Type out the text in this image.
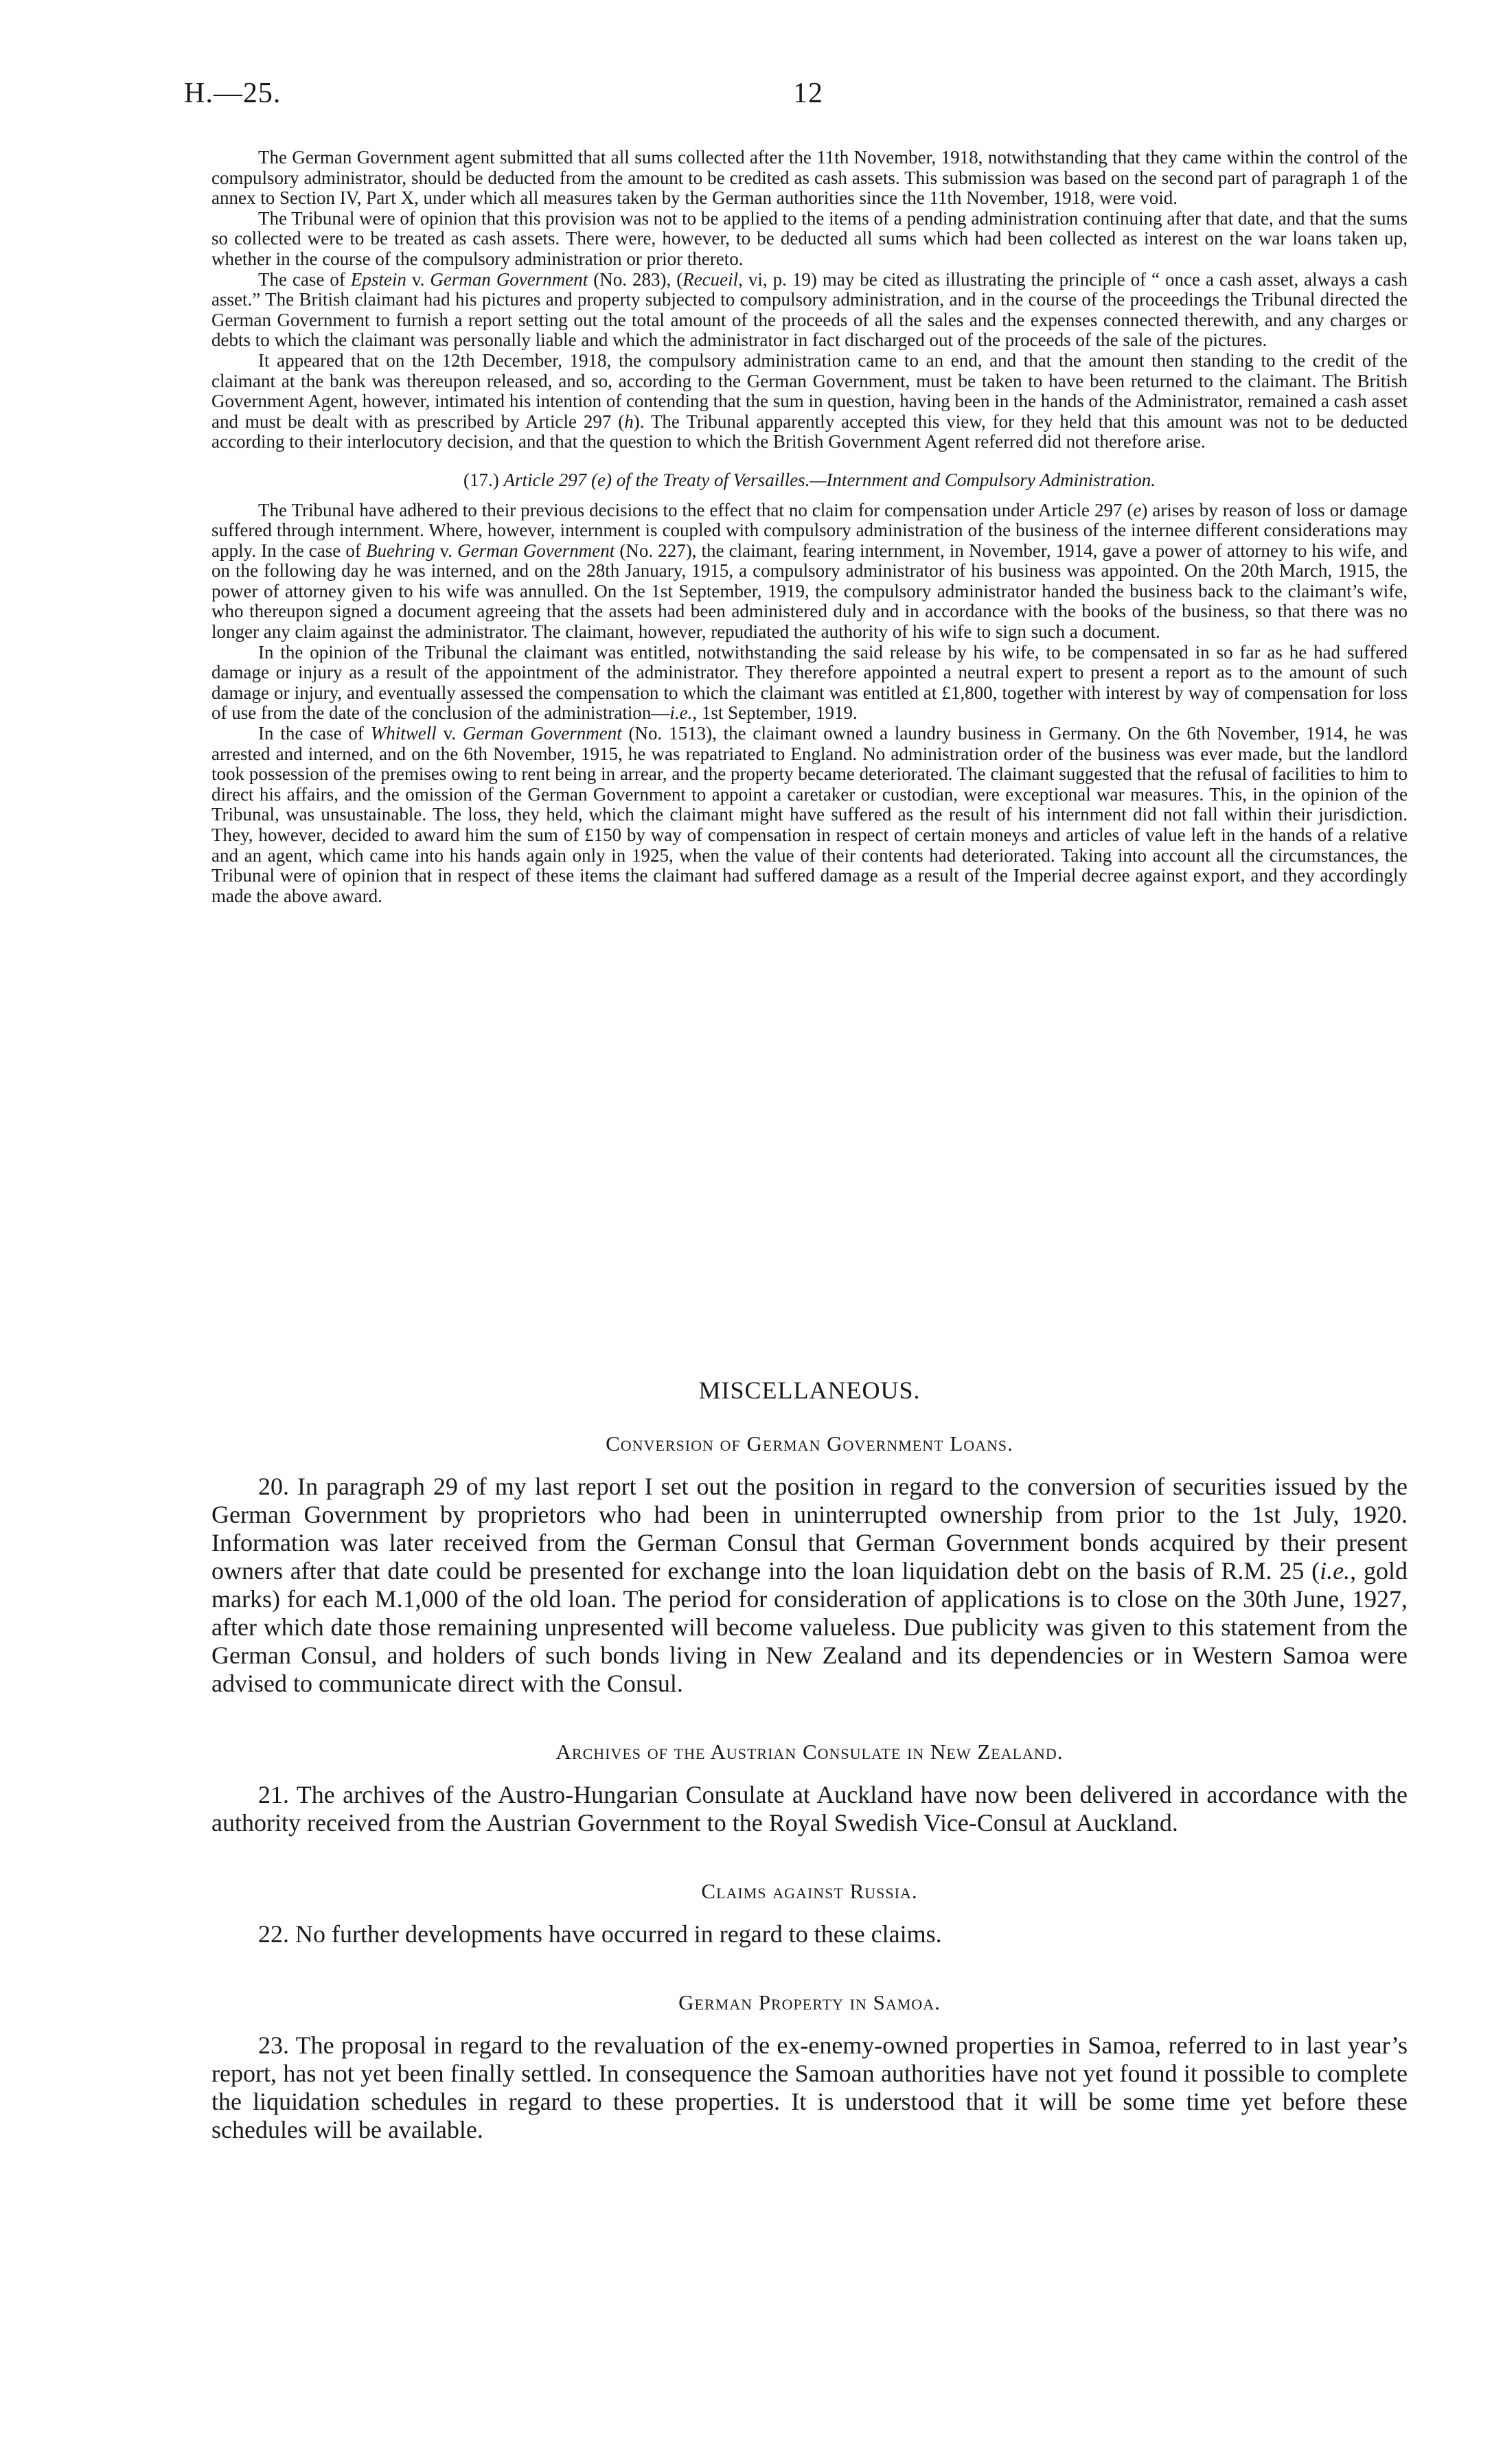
H.—25.	12

The German Government agent submitted that all sums collected after the 11th November, 1918, notwithstanding that they came within the control of the compulsory administrator, should be deducted from the amount to be credited as cash assets. This submission was based on the second part of paragraph 1 of the annex to Section IV, Part X, under which all measures taken by the German authorities since the 11th November, 1918, were void.

The Tribunal were of opinion that this provision was not to be applied to the items of a pending administration continuing after that date, and that the sums so collected were to be treated as cash assets. There were, however, to be deducted all sums which had been collected as interest on the war loans taken up, whether in the course of the compulsory administration or prior thereto.

The case of Epstein v. German Government (No. 283), (Recueil, vi, p. 19) may be cited as illustrating the principle of “ once a cash asset, always a cash asset.” The British claimant had his pictures and property subjected to compulsory administration, and in the course of the proceedings the Tribunal directed the German Government to furnish a report setting out the total amount of the proceeds of all the sales and the expenses connected therewith, and any charges or debts to which the claimant was personally liable and which the administrator in fact discharged out of the proceeds of the sale of the pictures.

It appeared that on the 12th December, 1918, the compulsory administration came to an end, and that the amount then standing to the credit of the claimant at the bank was thereupon released, and so, according to the German Government, must be taken to have been returned to the claimant. The British Government Agent, however, intimated his intention of contending that the sum in question, having been in the hands of the Administrator, remained a cash asset and must be dealt with as prescribed by Article 297 (h). The Tribunal apparently accepted this view, for they held that this amount was not to be deducted according to their interlocutory decision, and that the question to which the British Government Agent referred did not therefore arise.

(17.) Article 297 (e) of the Treaty of Versailles.—Internment and Compulsory Administration.

The Tribunal have adhered to their previous decisions to the effect that no claim for compensation under Article 297 (e) arises by reason of loss or damage suffered through internment. Where, however, internment is coupled with compulsory administration of the business of the internee different considerations may apply. In the case of Buehring v. German Government (No. 227), the claimant, fearing internment, in November, 1914, gave a power of attorney to his wife, and on the following day he was interned, and on the 28th January, 1915, a compulsory administrator of his business was appointed. On the 20th March, 1915, the power of attorney given to his wife was annulled. On the 1st September, 1919, the compulsory administrator handed the business back to the claimant’s wife, who thereupon signed a document agreeing that the assets had been administered duly and in accordance with the books of the business, so that there was no longer any claim against the administrator. The claimant, however, repudiated the authority of his wife to sign such a document.

In the opinion of the Tribunal the claimant was entitled, notwithstanding the said release by his wife, to be compensated in so far as he had suffered damage or injury as a result of the appointment of the administrator. They therefore appointed a neutral expert to present a report as to the amount of such damage or injury, and eventually assessed the compensation to which the claimant was entitled at £1,800, together with interest by way of compensation for loss of use from the date of the conclusion of the administration—i.e., 1st September, 1919.

In the case of Whitwell v. German Government (No. 1513), the claimant owned a laundry business in Germany. On the 6th November, 1914, he was arrested and interned, and on the 6th November, 1915, he was repatriated to England. No administration order of the business was ever made, but the landlord took possession of the premises owing to rent being in arrear, and the property became deteriorated. The claimant suggested that the refusal of facilities to him to direct his affairs, and the omission of the German Government to appoint a caretaker or custodian, were exceptional war measures. This, in the opinion of the Tribunal, was unsustainable. The loss, they held, which the claimant might have suffered as the result of his internment did not fall within their jurisdiction. They, however, decided to award him the sum of £150 by way of compensation in respect of certain moneys and articles of value left in the hands of a relative and an agent, which came into his hands again only in 1925, when the value of their contents had deteriorated. Taking into account all the circumstances, the Tribunal were of opinion that in respect of these items the claimant had suffered damage as a result of the Imperial decree against export, and they accordingly made the above award.

MISCELLANEOUS.
Conversion of German Government Loans.

20. In paragraph 29 of my last report I set out the position in regard to the conversion of securities issued by the German Government by proprietors who had been in uninterrupted ownership from prior to the 1st July, 1920. Information was later received from the German Consul that German Government bonds acquired by their present owners after that date could be presented for exchange into the loan liquidation debt on the basis of R.M. 25 (i.e., gold marks) for each M.1,000 of the old loan. The period for consideration of applications is to close on the 30th June, 1927, after which date those remaining unpresented will become valueless. Due publicity was given to this statement from the German Consul, and holders of such bonds living in New Zealand and its dependencies or in Western Samoa were advised to communicate direct with the Consul.

Archives of the Austrian Consulate in New Zealand.

21. The archives of the Austro-Hungarian Consulate at Auckland have now been delivered in accordance with the authority received from the Austrian Government to the Royal Swedish Vice-Consul at Auckland.

Claims against Russia.

22. No further developments have occurred in regard to these claims.

German Property in Samoa.

23. The proposal in regard to the revaluation of the ex-enemy-owned properties in Samoa, referred to in last year’s report, has not yet been finally settled. In consequence the Samoan authorities have not yet found it possible to complete the liquidation schedules in regard to these properties. It is understood that it will be some time yet before these schedules will be available.
